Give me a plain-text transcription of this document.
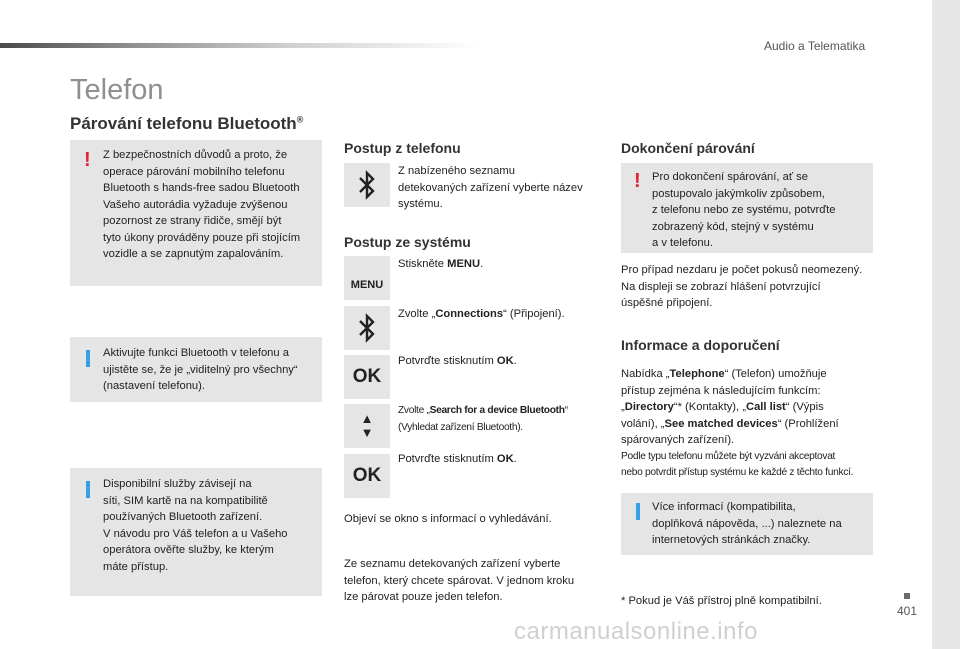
Audio a Telematika
401
Telefon
Párování telefonu Bluetooth®
! Z bezpečnostních důvodů a proto, že
operace párování mobilního telefonu
Bluetooth s hands-free sadou Bluetooth
Vašeho autorádia vyžaduje zvýšenou
pozornost ze strany řidiče, smějí být
tyto úkony prováděny pouze při stojícím
vozidle a se zapnutým zapalováním.
Aktivujte funkci Bluetooth v telefonu a
ujistěte se, že je „viditelný pro všechny“
(nastavení telefonu).
Disponibilní služby závisejí na
síti, SIM kartě na na kompatibilitě
používaných Bluetooth zařízení.
V návodu pro Váš telefon a u Vašeho
operátora ověřte služby, ke kterým
máte přístup.
Postup z telefonu
Z nabízeného seznamu
detekovaných zařízení vyberte název
systému.
Postup ze systému
MENU
Stiskněte MENU.
Zvolte „Connections“ (Připojení).
OK
Potvrďte stisknutím OK.
▲
▼
Zvolte „Search for a device Bluetooth“
(Vyhledat zařízení Bluetooth).
OK
Potvrďte stisknutím OK.
Objeví se okno s informací o vyhledávání.
Ze seznamu detekovaných zařízení vyberte
telefon, který chcete spárovat. V jednom kroku
lze párovat pouze jeden telefon.
Dokončení párování
! Pro dokončení spárování, ať se
postupovalo jakýmkoliv způsobem,
z telefonu nebo ze systému, potvrďte
zobrazený kód, stejný v systému
a v telefonu.
Pro případ nezdaru je počet pokusů neomezený.
Na displeji se zobrazí hlášení potvrzující
úspěšné připojení.
Informace a doporučení
Nabídka „Telephone“ (Telefon) umožňuje
přístup zejména k následujícím funkcím:
„Directory“* (Kontakty), „Call list“ (Výpis
volání), „See matched devices“ (Prohlížení
spárovaných zařízení).
Podle typu telefonu můžete být vyzváni akceptovat
nebo potvrdit přístup systému ke každé z těchto funkcí.
Více informací (kompatibilita,
doplňková nápověda, ...) naleznete na
internetových stránkách značky.
* Pokud je Váš přístroj plně kompatibilní.
carmanualsonline.info
